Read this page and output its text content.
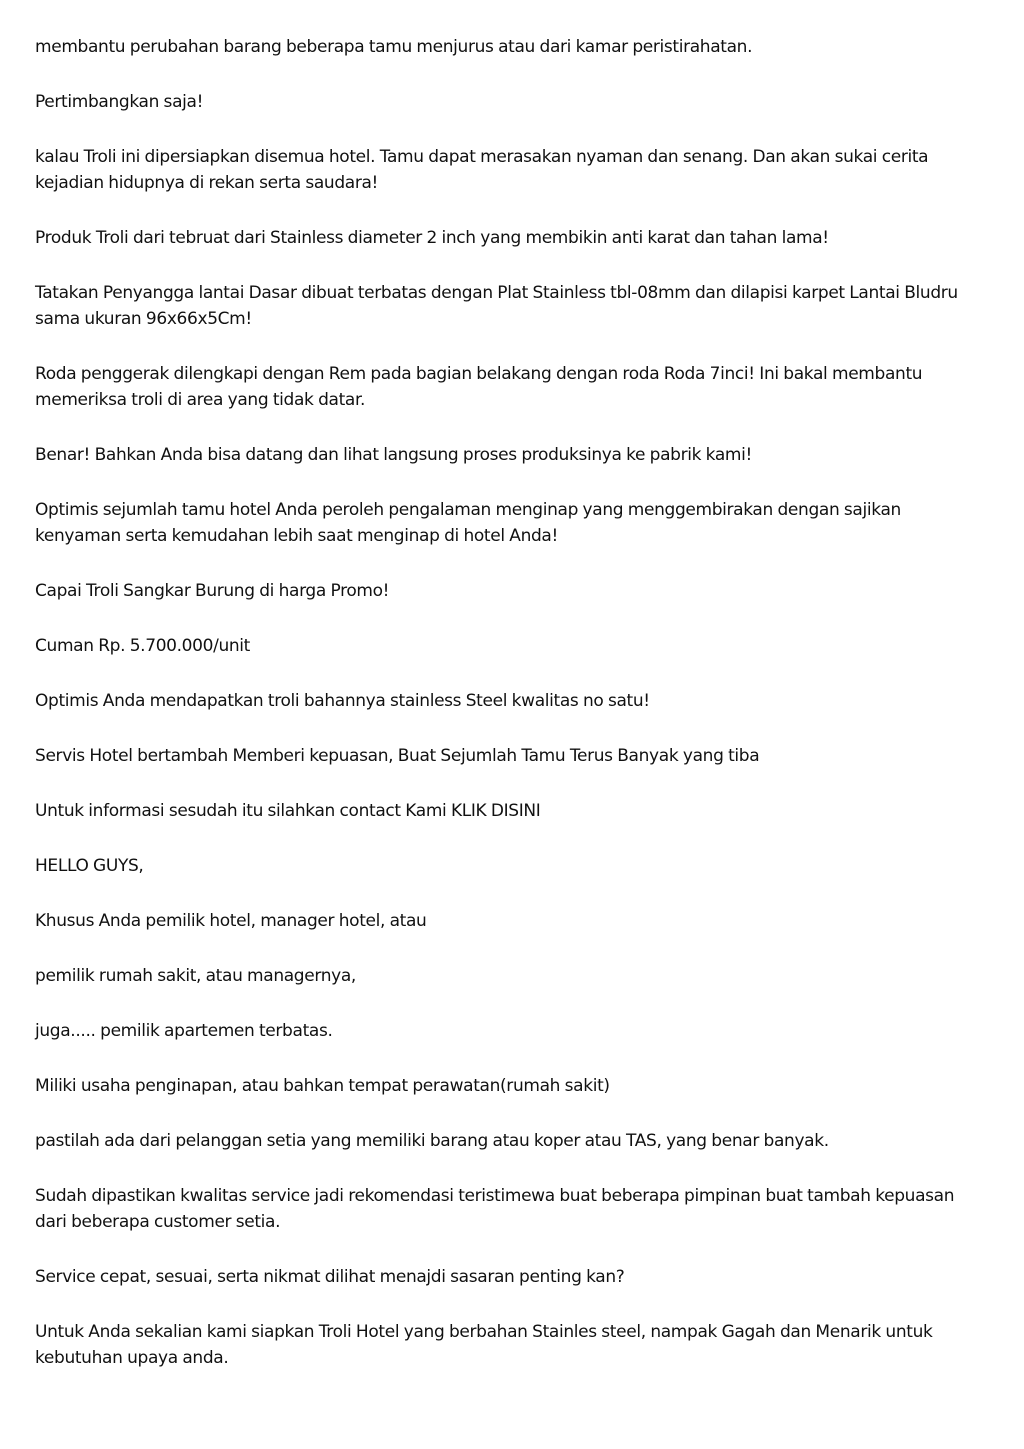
membantu perubahan barang beberapa tamu menjurus atau dari kamar peristirahatan.

Pertimbangkan saja!

kalau Troli ini dipersiapkan disemua hotel. Tamu dapat merasakan nyaman dan senang. Dan akan sukai cerita kejadian hidupnya di rekan serta saudara!

Produk Troli dari tebruat dari Stainless diameter 2 inch yang membikin anti karat dan tahan lama!

Tatakan Penyangga lantai Dasar dibuat terbatas dengan Plat Stainless tbl-08mm dan dilapisi karpet Lantai Bludru sama ukuran 96x66x5Cm!

Roda penggerak dilengkapi dengan Rem pada bagian belakang dengan roda Roda 7inci! Ini bakal membantu memeriksa troli di area yang tidak datar.

Benar! Bahkan Anda bisa datang dan lihat langsung proses produksinya ke pabrik kami!

Optimis sejumlah tamu hotel Anda peroleh pengalaman menginap yang menggembirakan dengan sajikan kenyaman serta kemudahan lebih saat menginap di hotel Anda!

Capai Troli Sangkar Burung di harga Promo!

Cuman Rp. 5.700.000/unit

Optimis Anda mendapatkan troli bahannya stainless Steel kwalitas no satu!

Servis Hotel bertambah Memberi kepuasan, Buat Sejumlah Tamu Terus Banyak yang tiba

Untuk informasi sesudah itu silahkan contact Kami KLIK DISINI

HELLO GUYS,

Khusus Anda pemilik hotel, manager hotel, atau

pemilik rumah sakit, atau managernya,

juga..... pemilik apartemen terbatas.

Miliki usaha penginapan, atau bahkan tempat perawatan(rumah sakit)

pastilah ada dari pelanggan setia yang memiliki barang atau koper atau TAS, yang benar banyak.

Sudah dipastikan kwalitas service jadi rekomendasi teristimewa buat beberapa pimpinan buat tambah kepuasan dari beberapa customer setia.

Service cepat, sesuai, serta nikmat dilihat menajdi sasaran penting kan?

Untuk Anda sekalian kami siapkan Troli Hotel yang berbahan Stainles steel, nampak Gagah dan Menarik untuk kebutuhan upaya anda.
